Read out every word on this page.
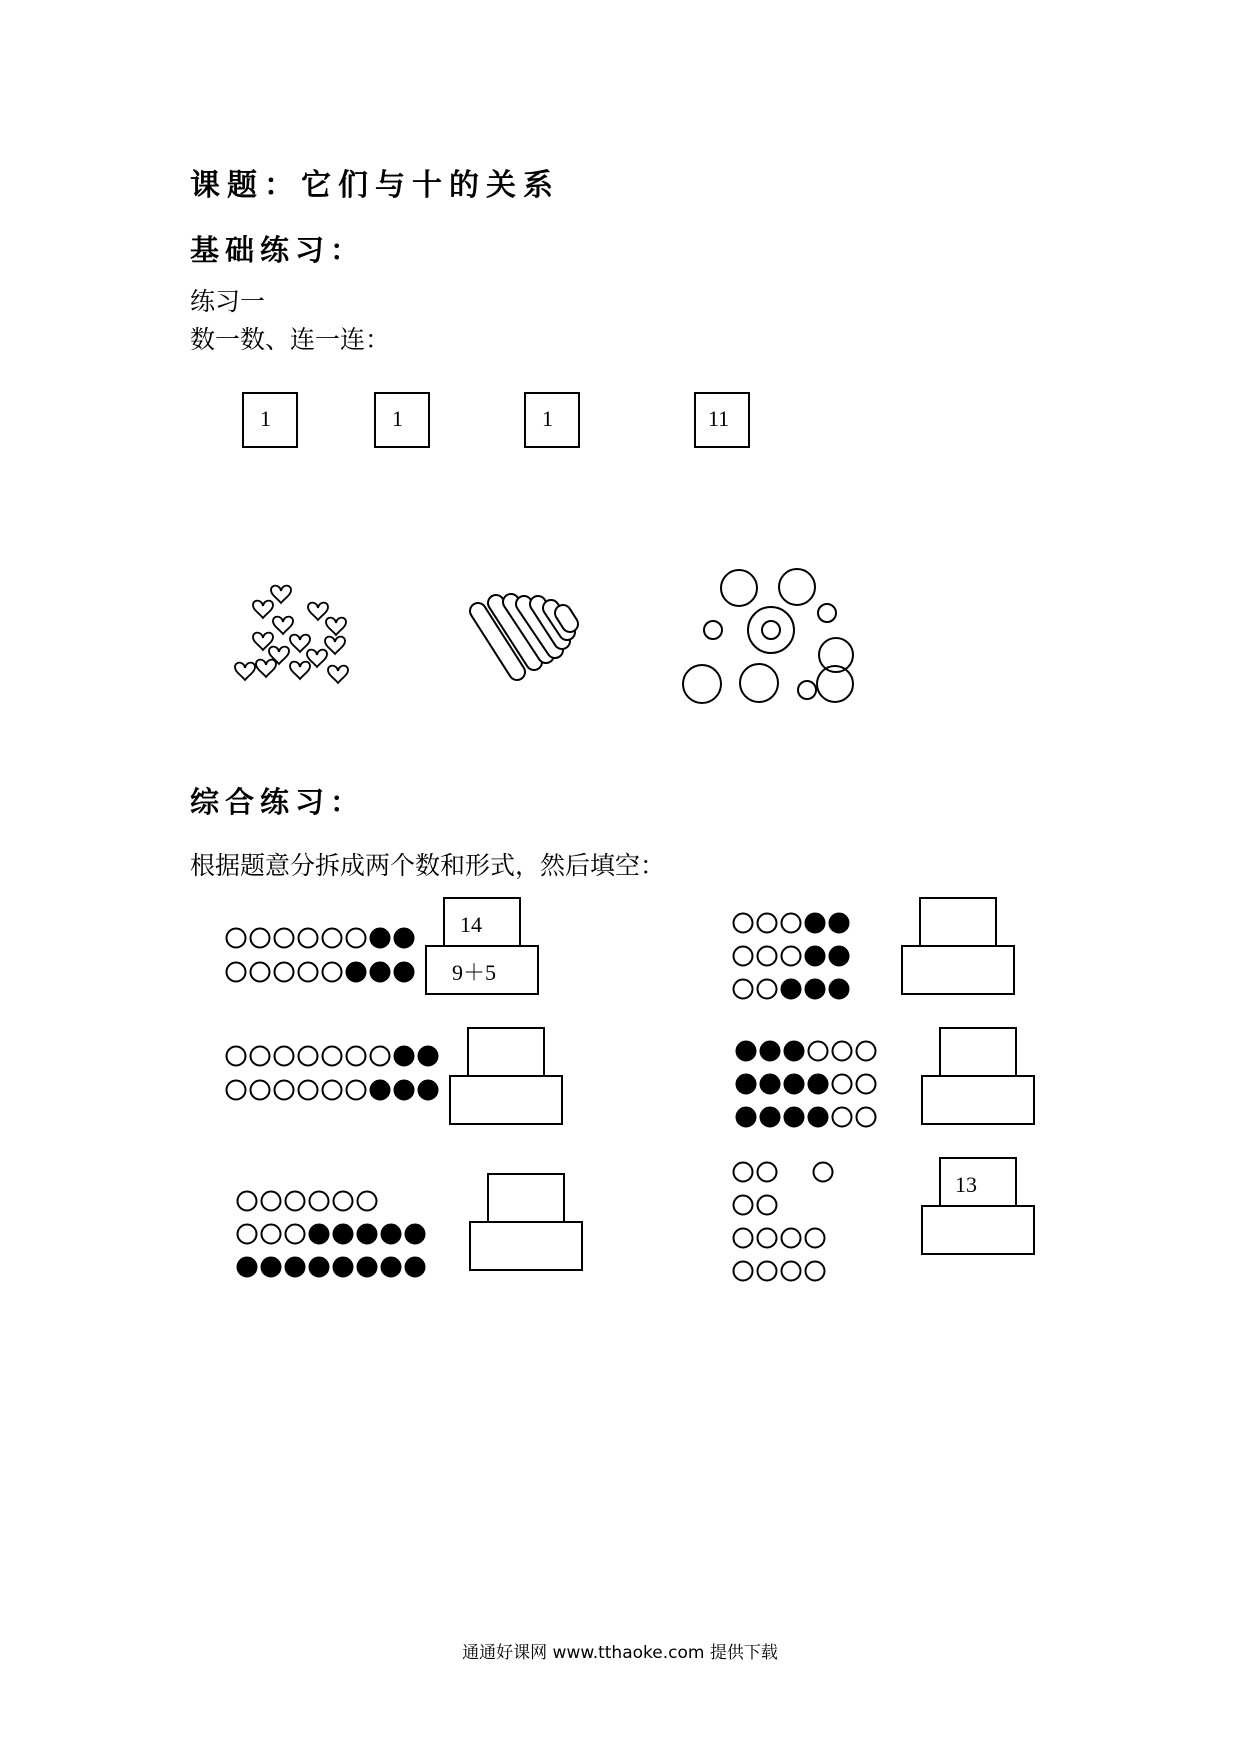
课题：它们与十的关系
基础练习：
练习一
数一数、连一连：
1	1	1	11
综合练习：
根据题意分拆成两个数和形式，然后填空：
14
9＋5
13
通通好课网 www.tthaoke.com 提供下载
